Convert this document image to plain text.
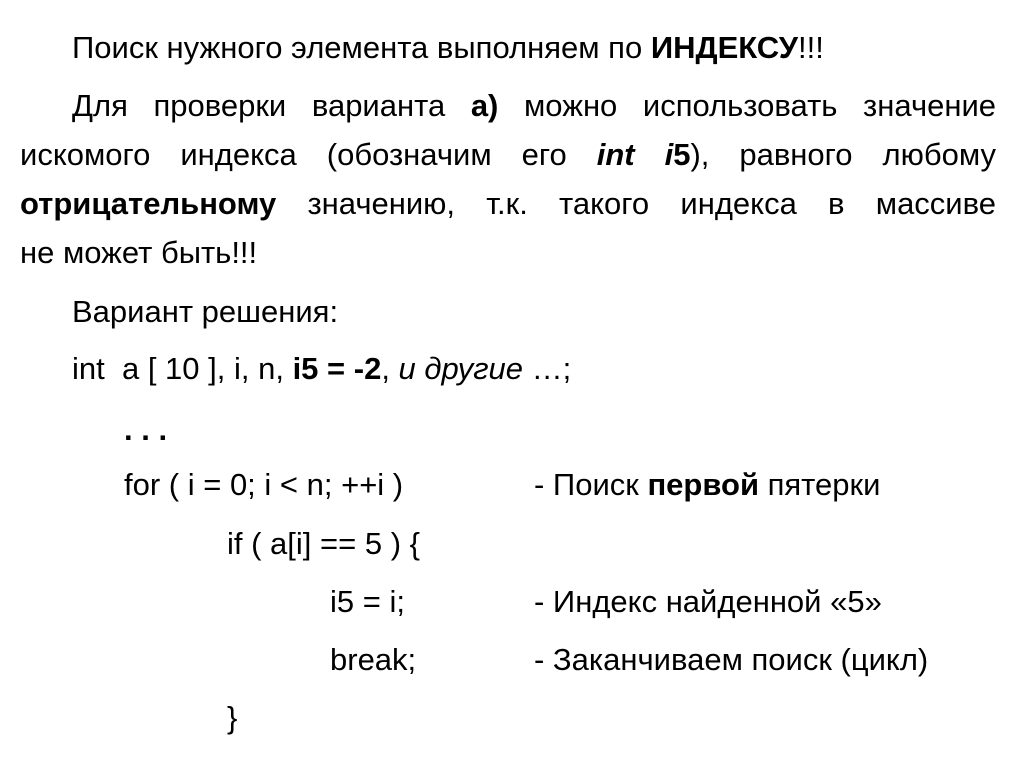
Поиск нужного элемента выполняем по ИНДЕКСУ!!!
Для проверки варианта а) можно использовать значение
искомого индекса (обозначим его int i5), равного любому
отрицательному значению, т.к. такого индекса в массиве
не может быть!!!
Вариант решения:
int  a [ 10 ], i, n, i5 = -2, и другие …;
. . .
for ( i = 0; i < n; ++i )	- Поиск первой пятерки
if ( a[i] == 5 ) {
i5 = i;	- Индекс найденной «5»
break;	- Заканчиваем поиск (цикл)
}
